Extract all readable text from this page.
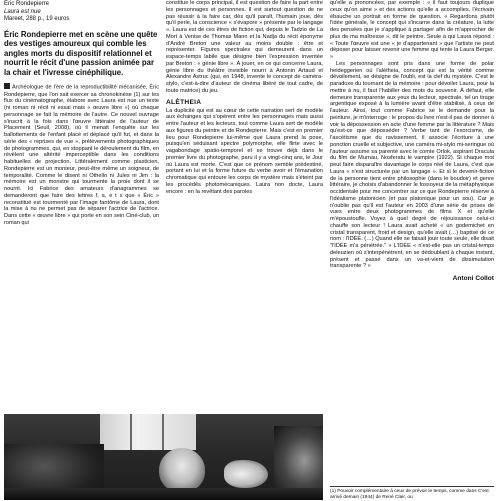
Éric Rondepierre
Laura est nue
Mareet, 288 p., 19 euros
Éric Rondepierre met en scène une quête des vestiges amoureux qui comble les angles morts du dispositif relationnel et nourrit le récit d'une passion animée par la chair et l'ivresse cinéphilique.

Archéologue de l'ère de la reproductibilité mécanisée, Éric Rondepierre, que l'on sait exercer sa chronokinèse (1) sur les flux du cinématographe, élabore avec Laura est nue un texte (ni roman ni récit ni essai mais « œuvre libre ») où chaque personnage se fait la mémoire de l'autre. Ce nouvel ouvrage s'inscrit à la fois dans l'œuvre littéraire de l'auteur de Placement (Seuil, 2008), où il menait l'enquête sur les ballottements de l'enfant placé et déplacé qu'il fut, et dans la série des « reprises de vue », prélèvements photographiques de photogrammes, qui, en stoppant le déroulement du film, en révèlent une altérité imperceptible dans les conditions habituelles de projection. Littéralement comme plasticien, Rondepierre est un monteur, peut-être même un soigneur, de temporalité. Comme le disent ni Othello ni Jules ni Jim : la mémoire est un monstre qui tourmente la proie dont il se nourrit. Ici Fabrice des amateurs d'anagrammes se demanderont que faire des lettres f, a, e t s que « Éric » reconstitué est tourmenté par l'image fantôme de Laura, dont la mise à nu ne permet pas de séparer l'actrice de l'actrice. Dans cette « œuvre libre » qui porte en son sein Ciné-club, un roman qui

constitue le corps principal, il est question de faire la part entre les personnages et personnes. Il est surtout question de ne pas réussir à la faire car, dès qu'il paraît, l'humain joue, dès qu'il perle, la conscience « s'évapore » présente par le langage ». Laura est de ces êtres de fiction qui, depuis le Tadzio de La Mort à Venise de Thomas Mann et la Nadja du récit éponyme d'André Breton une valeur au moins double : être et représenter. Figures spectrales qui demeurent dans un espace-temps labile que désigne bien l'expression inventée par Breton : « génie libre ». À jouer, en ce qui concerne Laura, génie libre du théâtre invisible nourri à Antonin Artaud et Alexandre Astruc (qui, en 1948, invente le concept de caméra-stylo, c'est-à-dire d'auteur de cinéma libéré de tout cadre, de toute matrice) du jeu.

ALÈTHEIA

La duplicité qui est au cœur de cette narration sert de modèle aux échanges qui s'opèrent entre les personnages mais aussi entre l'auteur et les lecteurs, tout comme Laura sert de modèle aux figures du peintre et de Rondepierre. Mais c'est en premier lieu pour Rondepierre lui-même que Laura prend la pose, puisqu'en séduisant spectre polymorphe, elle flirte avec le vagabondage spatio-temporel et se trouve déjà dans le premier livre du photographe, paru il y a vingt-cinq ans, le Jour où Laura est morte. C'est que ce prénom semble prédestiné, portant en lui et la forme future du verbe avoir et l'émanation chromatique qui entoure les corps de mystère mais s'éteint par les procédés photomécaniques. Laura non docte, Laura encore : en la revêtant des paroles

qu'elle a prononcées, par exemple : « il faut toujours duplique ceux qu'on aime » et des actions qu'elle a accomplies, l'écrivain ébauche un portrait en forme de question. « Regardons plutôt l'idée générale, le concept qui s'incarne dans la créature, la lutte des pensées que je s'applique à partager afin de m'approcher de plus de ma maîtresse », dit le peintre. Seule à qui Laura répond : « Toute l'œuvre est une « je d'appartenant » que l'artiste ne peut déposer pour laisser revenir une femme qui tente la Laura Berger. »

Les personnages sont pris dans une forme de polar heideggerien où l'alètheia, concept qui est la vérité comme dévoilement, se désigne de l'oubli, est la clef du mystère. C'est le paradoxe du tournant de la mémoire : pour dévoiler Laura, pour la mettre à nu, il faut l'habiller des mots du souvenir. À défaut, elle demeure transparente aux yeux du lecteur, spectrale, tel un tirage argentique exposé à la lumière avant d'être stabilisé, à ceux de l'auteur. Ainsi, tout comme Fabrice se le demande pour la peinture, je m'interroge : le propos du livre n'est-il pas de donner à voir la dépossession en acte d'une femme par la littérature ? Mais qu'est-ce que déposséder ? Verbe tant de l'exorcisme, de l'ascétisme que du ravissement, il associe l'écriture à une ponction cruelle et subjective, une caméra mi-stylo mi-seringue où l'auteur assume sa parenté avec le comte Orlok, aspirant Dracula du film de Murnau, Nosferatu le vampire (1922). Si chaque mot peut faire disparaître davantage le corps réel de Laura, c'est que Laura « n'est structurée par un langage ». Et si le devenir-fiction de la personne tient entre philosophie (dans le boudoir) et genre littéraire, je choisis d'abandonner le fossoyeur de la métaphysique occidentale pour me concentrer sur ce que Rondepierre réserve à l'idéalisme platonicien (et pas platonique pour un sou). Car je n'oublie pas qu'il est l'auteur en 2003 d'une série de prises de vues entre deux photogrammes de films X et qu'elle m'époustoufle. Voyez à quel degré de réjouissance celui-ci chauffe son lecteur ! Laura avait acheté « un godemichet en cristal transparent, froid et design, qu'elle avait (…) baptisé de ce nom : l'IDÉE. (…) Quand elle se faisait jouir toute seule, elle disait "l'IDÉE m'a pénétrée." » L'IDÉE « n'est-elle pas un cristal-temps deleuzien où s'interpénètrent, en se dédoublant à chaque instant, présent et passé dans un va-et-vient de dissimulation transparente ? »

Antoni Collot
(1) Pouvoir complémentaire à ceux de prévoir le temps, comme dans C'est arrivé demain (1944) de René Clair, ou
